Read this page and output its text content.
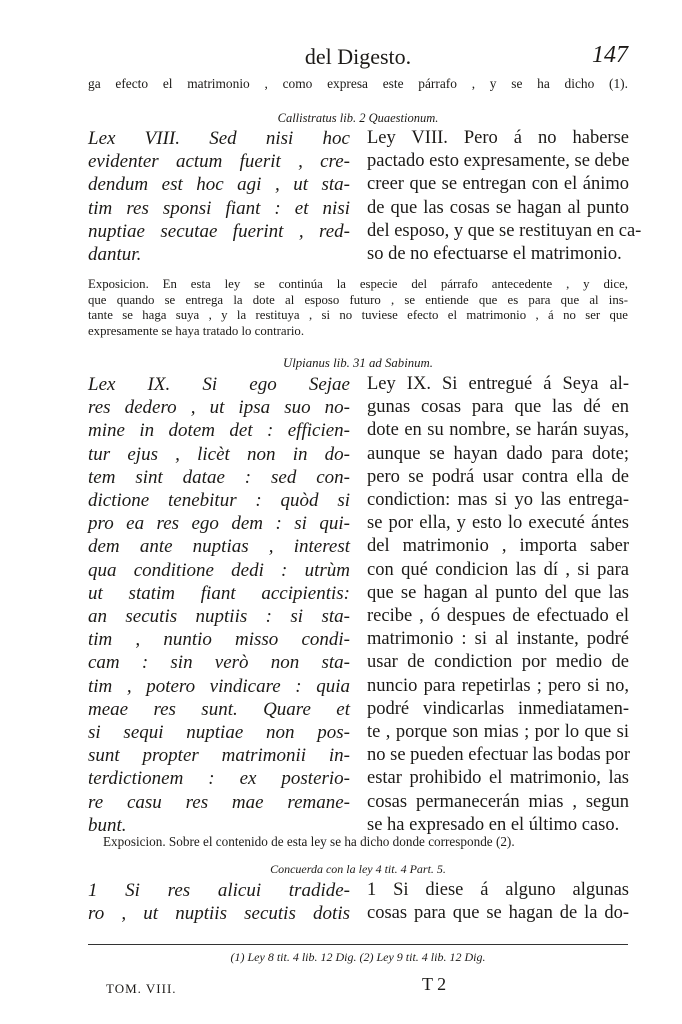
del Digesto.	147
ga efecto el matrimonio , como expresa este párrafo , y se ha dicho (1).
Callistratus lib. 2 Quaestionum.
Lex VIII. Sed nisi hoc
evidenter actum fuerit , cre-
dendum est hoc agi , ut sta-
tim res sponsi fiant : et nisi
nuptiae secutae fuerint , red-
dantur.
Ley VIII. Pero á no haberse
pactado esto expresamente, se debe
creer que se entregan con el ánimo
de que las cosas se hagan al punto
del esposo, y que se restituyan en ca-
so de no efectuarse el matrimonio.
Exposicion. En esta ley se continúa la especie del párrafo antecedente , y dice,
que quando se entrega la dote al esposo futuro , se entiende que es para que al ins-
tante se haga suya , y la restituya , si no tuviese efecto el matrimonio , á no ser que
expresamente se haya tratado lo contrario.
Ulpianus lib. 31 ad Sabinum.
Lex IX. Si ego Sejae
res dedero , ut ipsa suo no-
mine in dotem det : efficien-
tur ejus , licèt non in do-
tem sint datae : sed con-
dictione tenebitur : quòd si
pro ea res ego dem : si qui-
dem ante nuptias , interest
qua conditione dedi : utrùm
ut statim fiant accipientis:
an secutis nuptiis : si sta-
tim , nuntio misso condi-
cam : sin verò non sta-
tim , potero vindicare : quia
meae res sunt. Quare et
si sequi nuptiae non pos-
sunt propter matrimonii in-
terdictionem : ex posterio-
re casu res mae remane-
bunt.
Ley IX. Si entregué á Seya al-
gunas cosas para que las dé en
dote en su nombre, se harán suyas,
aunque se hayan dado para dote;
pero se podrá usar contra ella de
condiction: mas si yo las entrega-
se por ella, y esto lo executé ántes
del matrimonio , importa saber
con qué condicion las dí , si para
que se hagan al punto del que las
recibe , ó despues de efectuado el
matrimonio : si al instante, podré
usar de condiction por medio de
nuncio para repetirlas ; pero si no,
podré vindicarlas inmediatamen-
te , porque son mias ; por lo que si
no se pueden efectuar las bodas por
estar prohibido el matrimonio, las
cosas permanecerán mias , segun
se ha expresado en el último caso.
Exposicion. Sobre el contenido de esta ley se ha dicho donde corresponde (2).
Concuerda con la ley 4 tit. 4 Part. 5.
1 Si res alicui tradide-
ro , ut nuptiis secutis dotis
1 Si diese á alguno algunas
cosas para que se hagan de la do-
(1) Ley 8 tit. 4 lib. 12 Dig. (2) Ley 9 tit. 4 lib. 12 Dig.
TOM. VIII.	T 2
